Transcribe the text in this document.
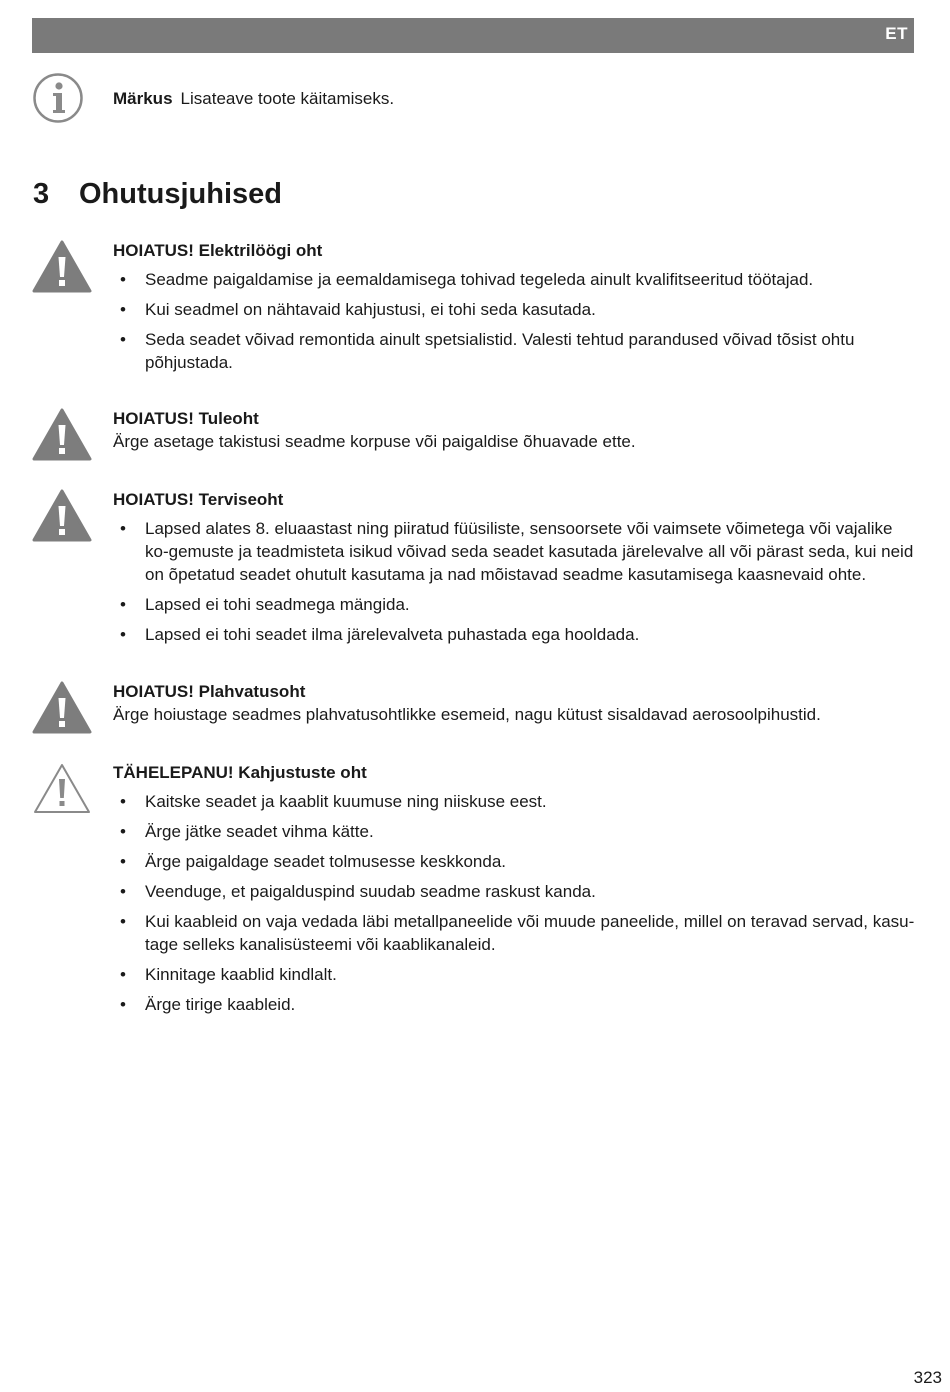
ET
Märkus Lisateave toote käitamiseks.
3 Ohutusjuhised
HOIATUS! Elektrilöögi oht
• Seadme paigaldamise ja eemaldamisega tohivad tegeleda ainult kvalifitseeritud töötajad.
• Kui seadmel on nähtavaid kahjustusi, ei tohi seda kasutada.
• Seda seadet võivad remontida ainult spetsialistid. Valesti tehtud parandused võivad tõsist ohtu põhjustada.
HOIATUS! Tuleoht

Ärge asetage takistusi seadme korpuse või paigaldise õhuavade ette.

HOIATUS! Terviseoht
• Lapsed alates 8. eluaastast ning piiratud füüsiliste, sensoorsete või vaimsete võimetega või vajalike ko-gemuste ja teadmisteta isikud võivad seda seadet kasutada järelevalve all või pärast seda, kui neid on õpetatud seadet ohutult kasutama ja nad mõistavad seadme kasutamisega kaasnevaid ohte.
• Lapsed ei tohi seadmega mängida.
• Lapsed ei tohi seadet ilma järelevalveta puhastada ega hooldada.
HOIATUS! Plahvatusoht

Ärge hoiustage seadmes plahvatusohtlikke esemeid, nagu kütust sisaldavad aerosoolpihustid.

TÄHELEPANU! Kahjustuste oht
• Kaitske seadet ja kaablit kuumuse ning niiskuse eest.
• Ärge jätke seadet vihma kätte.
• Ärge paigaldage seadet tolmusesse keskkonda.
• Veenduge, et paigalduspind suudab seadme raskust kanda.
• Kui kaableid on vaja vedada läbi metallpaneelide või muude paneelide, millel on teravad servad, kasu-tage selleks kanalisüsteemi või kaablikanaleid.
• Kinnitage kaablid kindlalt.
• Ärge tirige kaableid.
323
